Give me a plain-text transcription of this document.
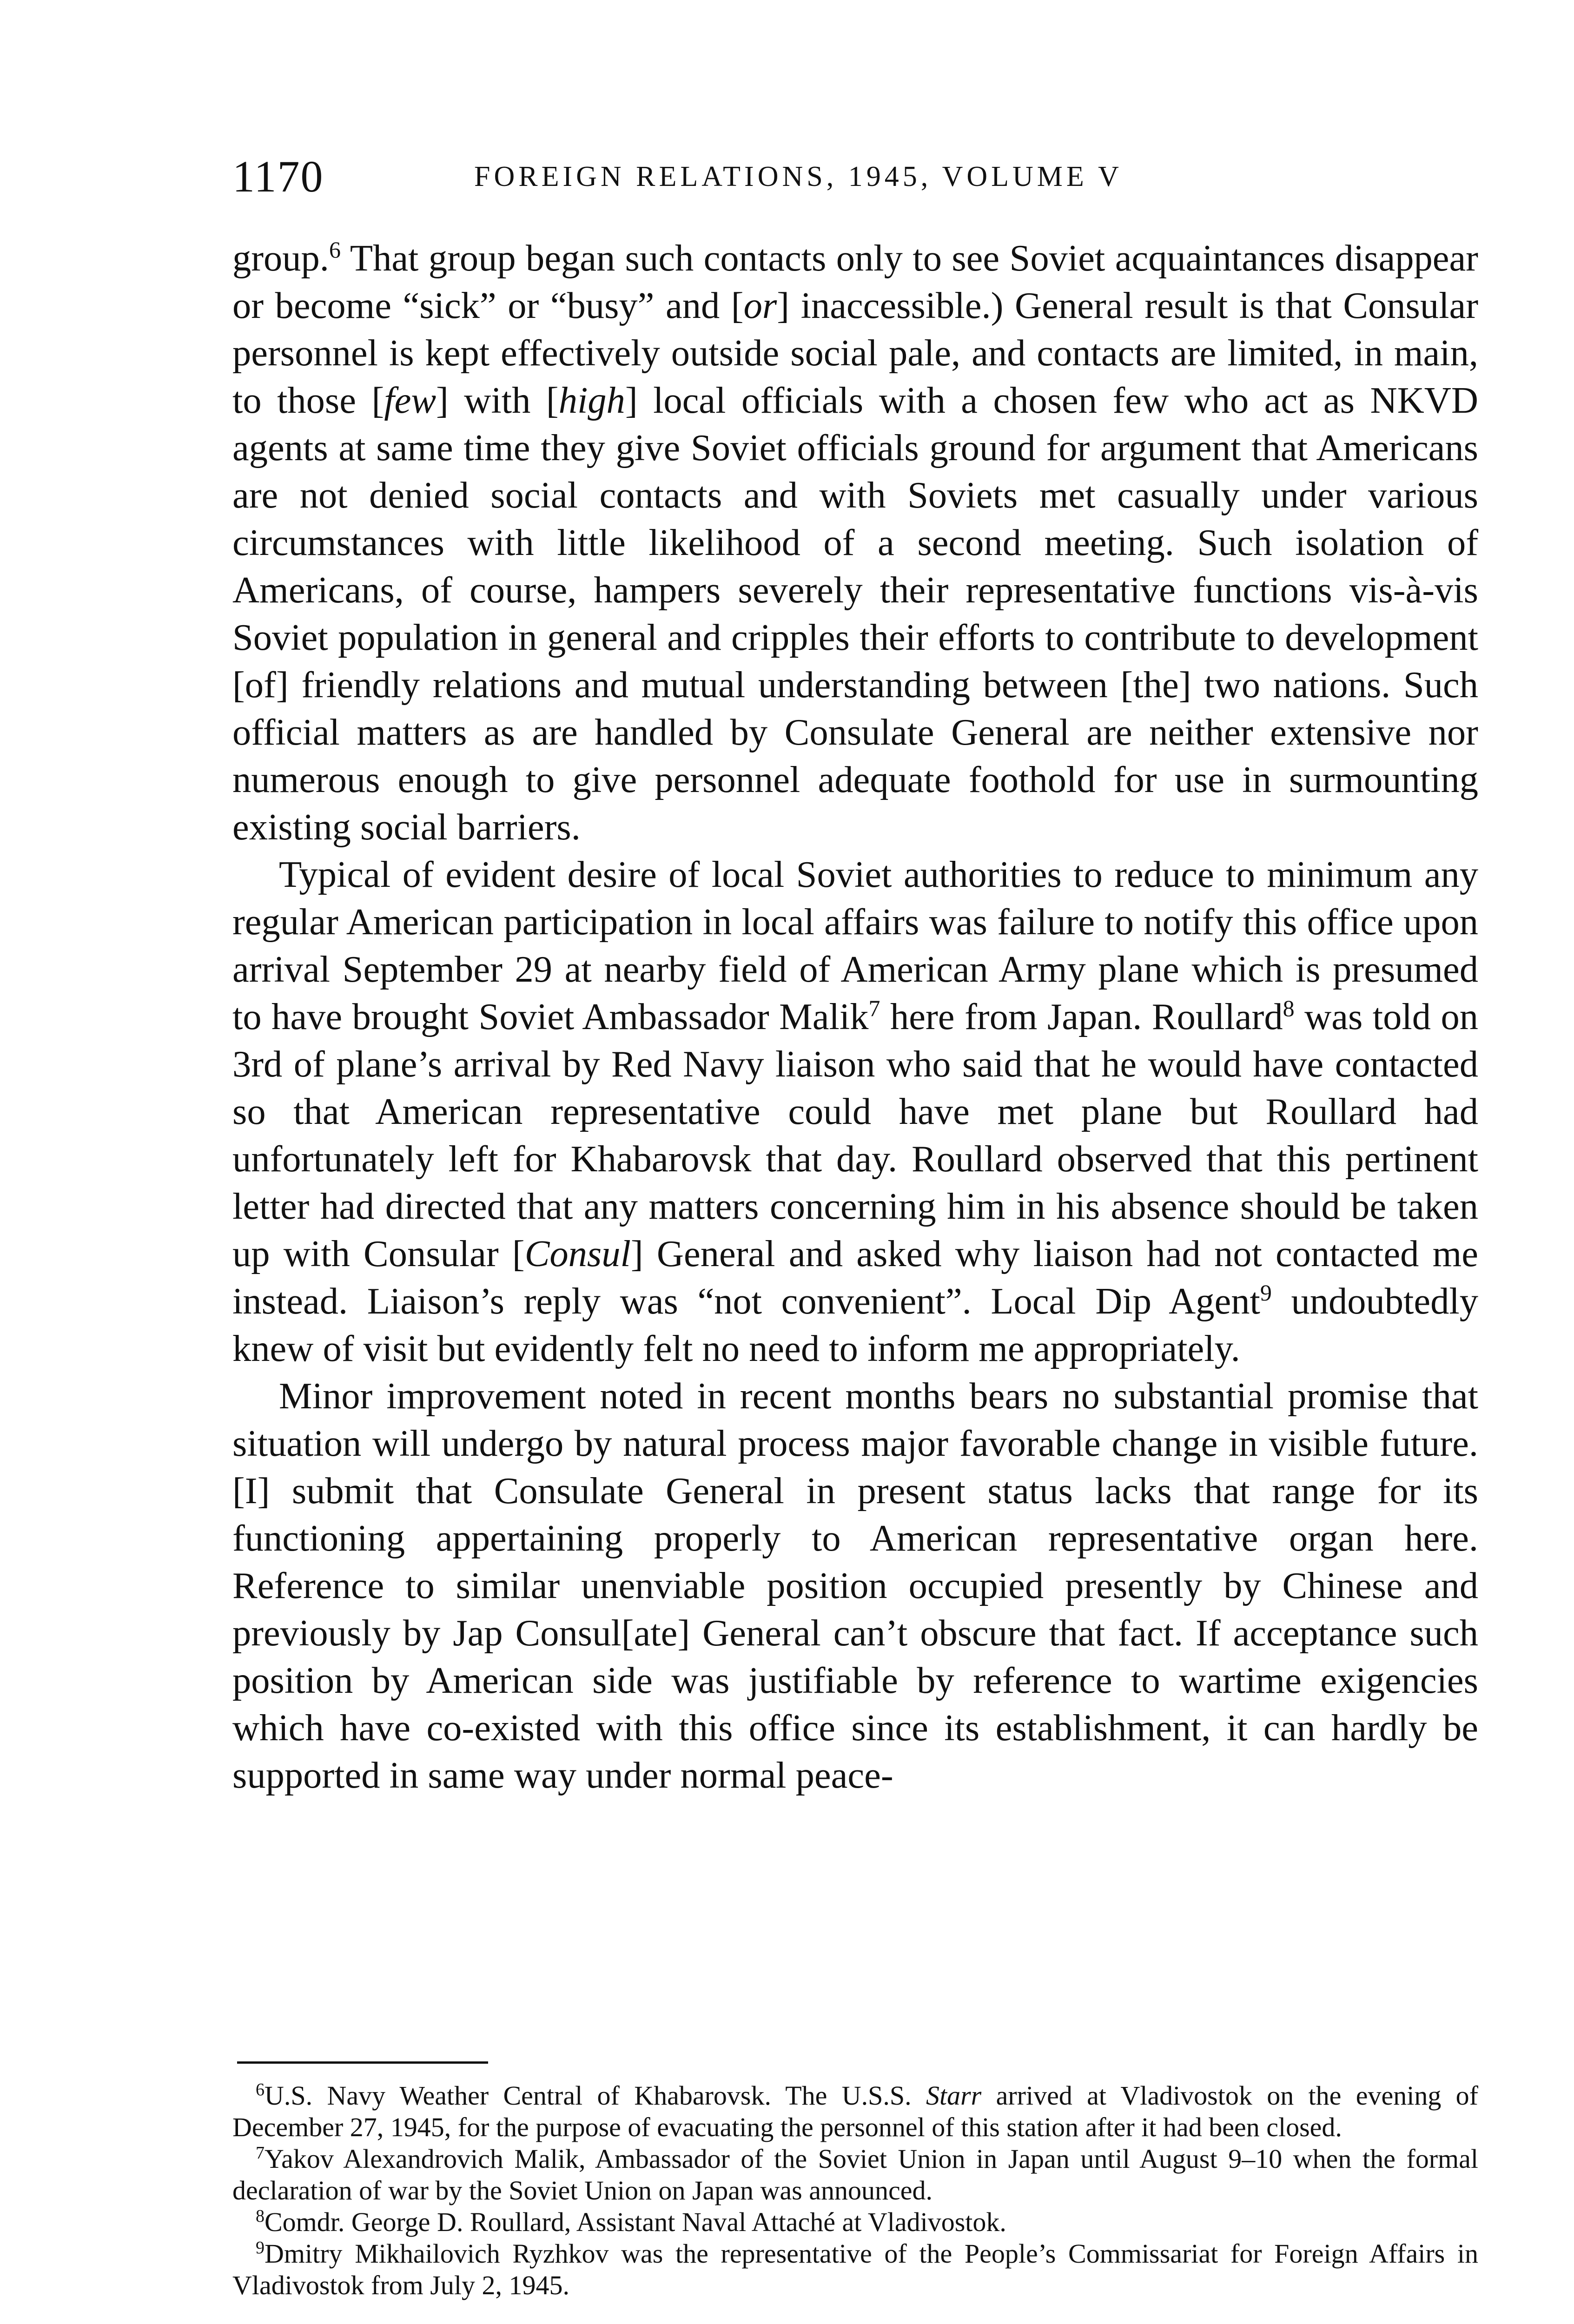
1170	FOREIGN RELATIONS, 1945, VOLUME V

group.$^6$ That group began such contacts only to see Soviet acquaintances disappear or become “sick” or “busy” and [or] inaccessible.) General result is that Consular personnel is kept effectively outside social pale, and contacts are limited, in main, to those [few] with [high] local officials with a chosen few who act as NKVD agents at same time they give Soviet officials ground for argument that Americans are not denied social contacts and with Soviets met casually under various circumstances with little likelihood of a second meeting. Such isolation of Americans, of course, hampers severely their representative functions vis-à-vis Soviet population in general and cripples their efforts to contribute to development [of] friendly relations and mutual understanding between [the] two nations. Such official matters as are handled by Consulate General are neither extensive nor numerous enough to give personnel adequate foothold for use in surmounting existing social barriers.

Typical of evident desire of local Soviet authorities to reduce to minimum any regular American participation in local affairs was failure to notify this office upon arrival September 29 at nearby field of American Army plane which is presumed to have brought Soviet Ambassador Malik$^7$ here from Japan. Roullard$^8$ was told on 3rd of plane’s arrival by Red Navy liaison who said that he would have contacted so that American representative could have met plane but Roullard had unfortunately left for Khabarovsk that day. Roullard observed that this pertinent letter had directed that any matters concerning him in his absence should be taken up with Consular [Consul] General and asked why liaison had not contacted me instead. Liaison’s reply was “not convenient”. Local Dip Agent$^9$ undoubtedly knew of visit but evidently felt no need to inform me appropriately.

Minor improvement noted in recent months bears no substantial promise that situation will undergo by natural process major favorable change in visible future. [I] submit that Consulate General in present status lacks that range for its functioning appertaining properly to American representative organ here. Reference to similar unenviable position occupied presently by Chinese and previously by Jap Consul[ate] General can’t obscure that fact. If acceptance such position by American side was justifiable by reference to wartime exigencies which have co-existed with this office since its establishment, it can hardly be supported in same way under normal peace-

$^6$U.S. Navy Weather Central of Khabarovsk. The U.S.S. Starr arrived at Vladivostok on the evening of December 27, 1945, for the purpose of evacuating the personnel of this station after it had been closed.

$^7$Yakov Alexandrovich Malik, Ambassador of the Soviet Union in Japan until August 9–10 when the formal declaration of war by the Soviet Union on Japan was announced.

$^8$Comdr. George D. Roullard, Assistant Naval Attaché at Vladivostok.

$^9$Dmitry Mikhailovich Ryzhkov was the representative of the People’s Commissariat for Foreign Affairs in Vladivostok from July 2, 1945.
